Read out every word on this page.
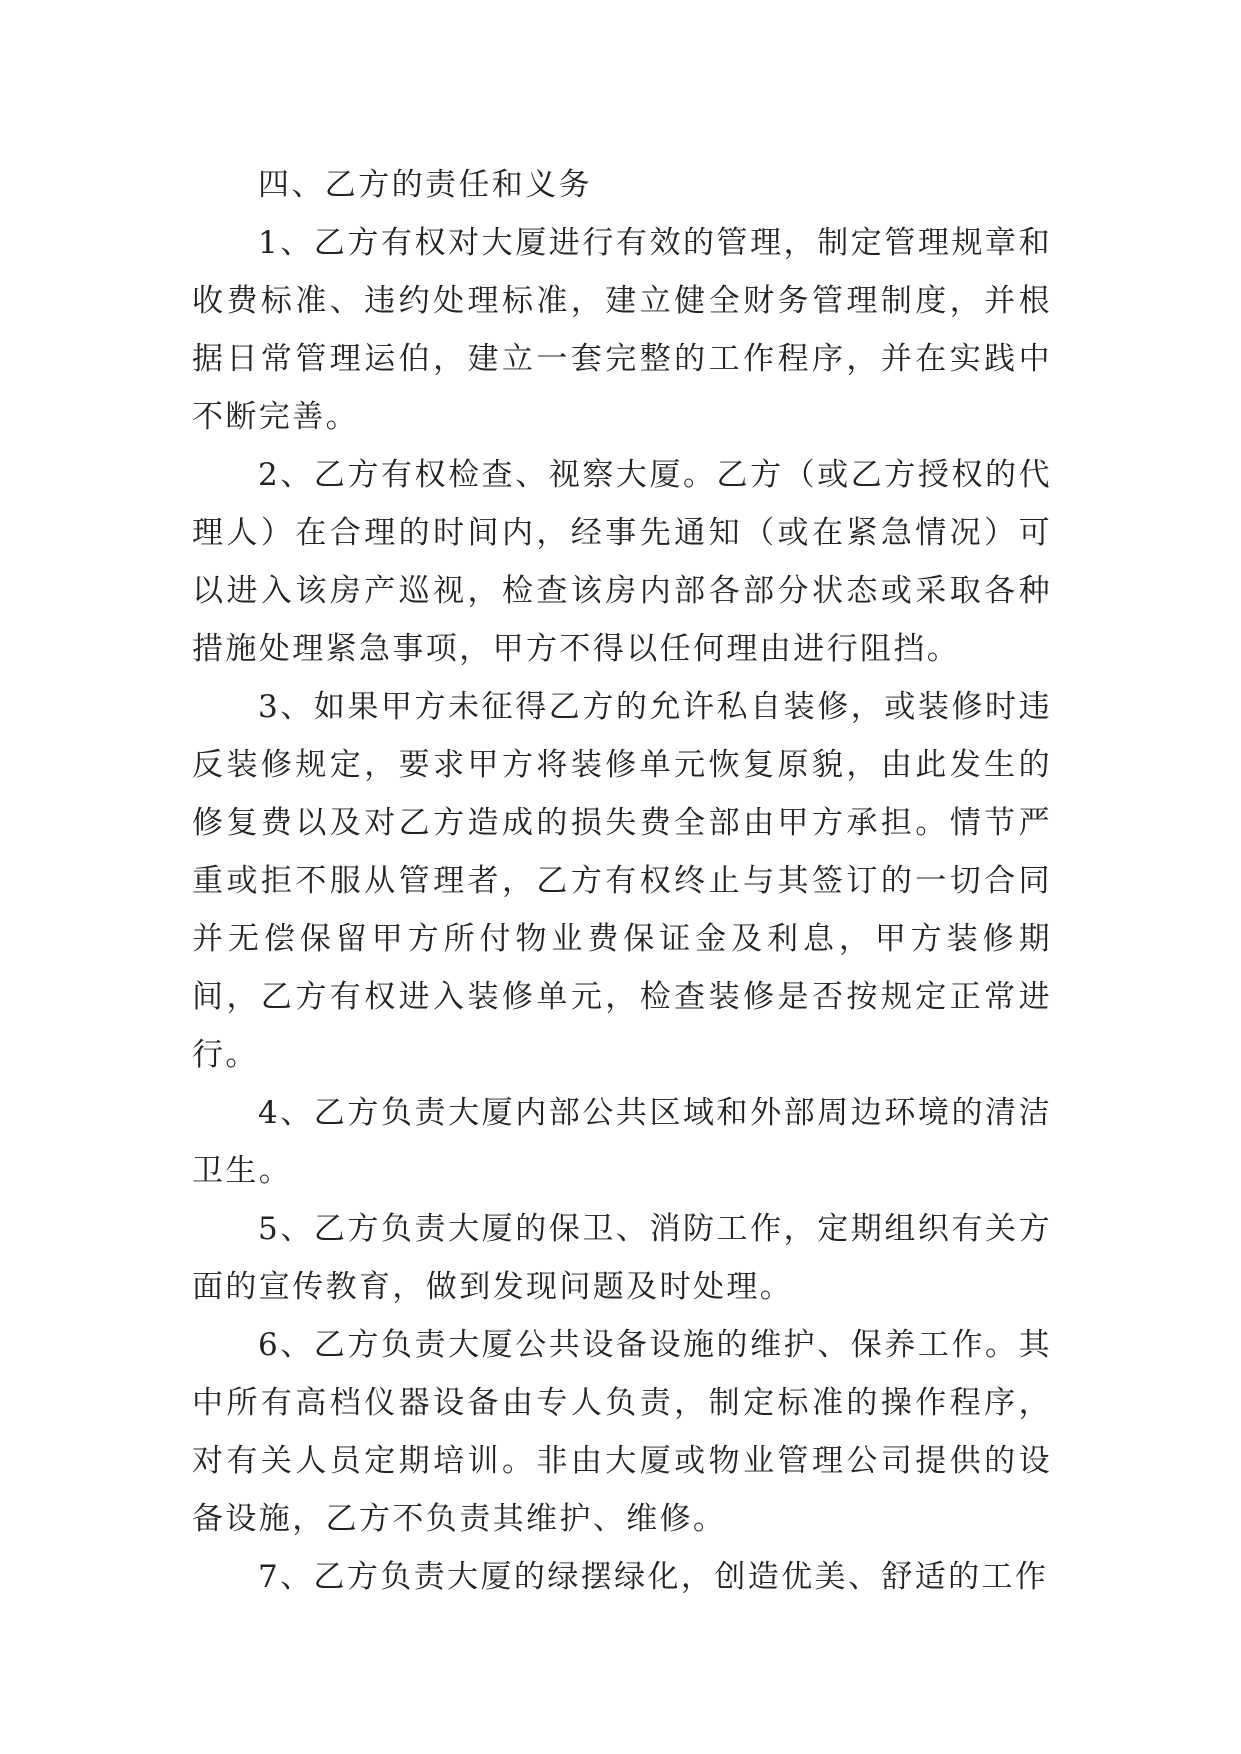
四、乙方的责任和义务

1、乙方有权对大厦进行有效的管理，制定管理规章和收费标准、违约处理标准，建立健全财务管理制度，并根据日常管理运伯，建立一套完整的工作程序，并在实践中不断完善。

2、乙方有权检查、视察大厦。乙方（或乙方授权的代理人）在合理的时间内，经事先通知（或在紧急情况）可以进入该房产巡视，检查该房内部各部分状态或采取各种措施处理紧急事项，甲方不得以任何理由进行阻挡。

3、如果甲方未征得乙方的允许私自装修，或装修时违反装修规定，要求甲方将装修单元恢复原貌，由此发生的修复费以及对乙方造成的损失费全部由甲方承担。情节严重或拒不服从管理者，乙方有权终止与其签订的一切合同并无偿保留甲方所付物业费保证金及利息，甲方装修期间，乙方有权进入装修单元，检查装修是否按规定正常进行。

4、乙方负责大厦内部公共区域和外部周边环境的清洁卫生。

5、乙方负责大厦的保卫、消防工作，定期组织有关方面的宣传教育，做到发现问题及时处理。

6、乙方负责大厦公共设备设施的维护、保养工作。其中所有高档仪器设备由专人负责，制定标准的操作程序，对有关人员定期培训。非由大厦或物业管理公司提供的设备设施，乙方不负责其维护、维修。

7、乙方负责大厦的绿摆绿化，创造优美、舒适的工作
